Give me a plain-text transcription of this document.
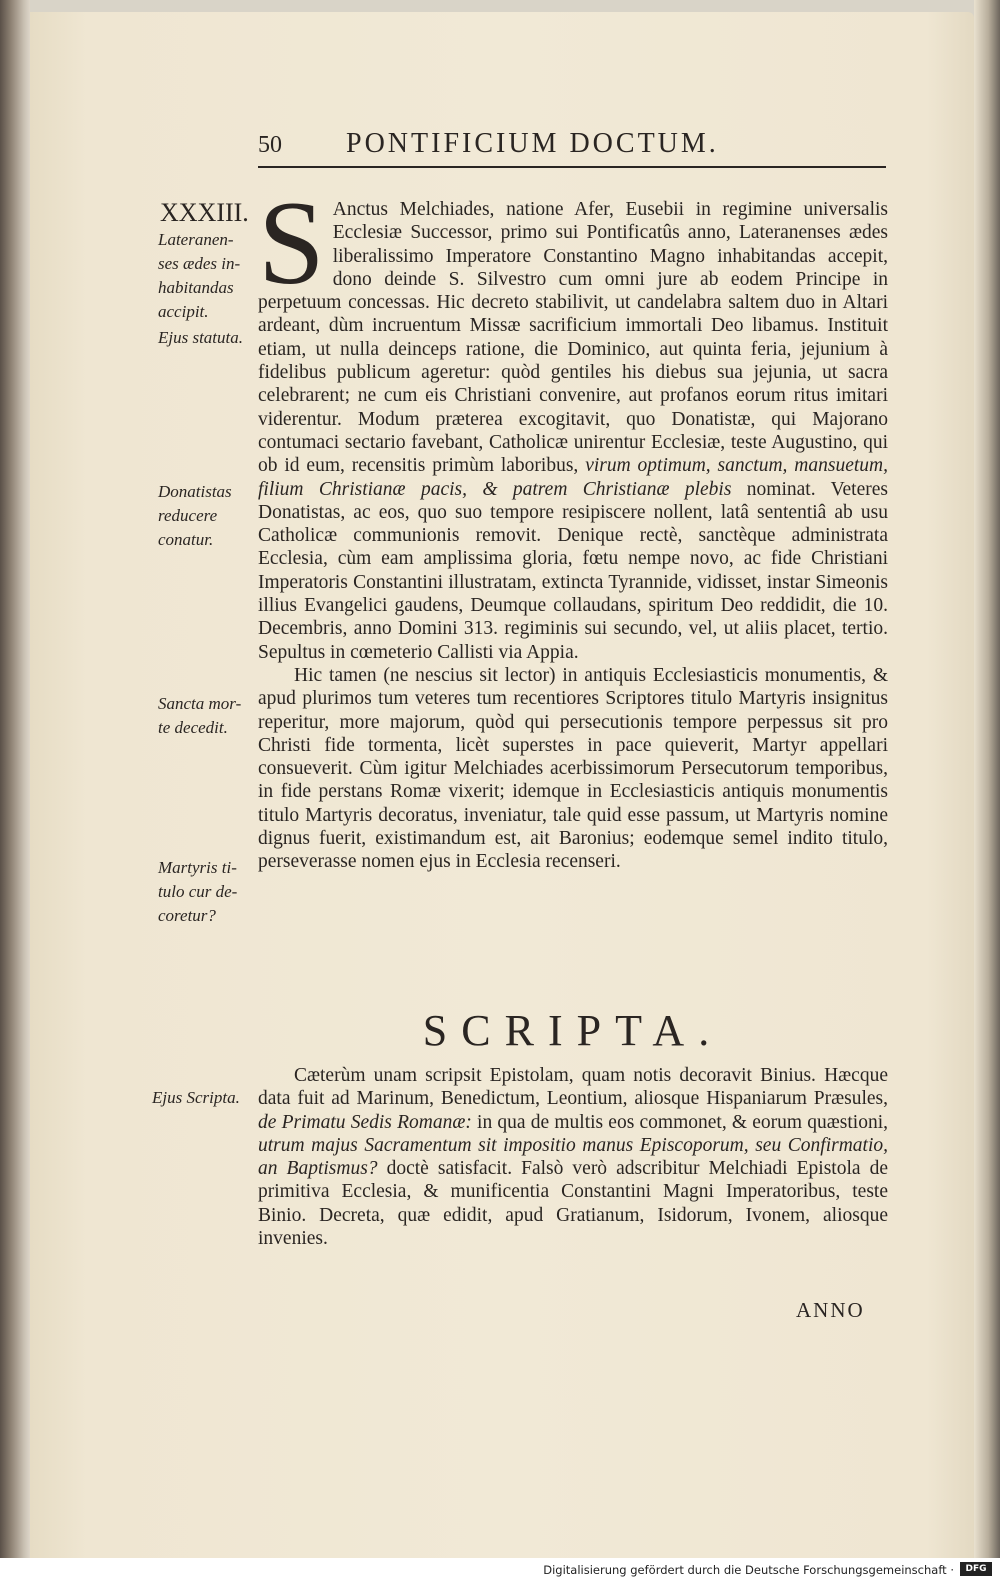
50 PONTIFICIUM DOCTUM.
XXXIII.
Lateranen-
ses ædes in-
habitandas
accipit.
Ejus statuta.
Donatistas
reducere
conatur.
Sancta mor-
te decedit.
Martyris ti-
tulo cur de-
coretur?
Ejus Scripta.

S Anctus Melchiades, natione Afer, Eusebii in regimine universalis Ecclesiæ Successor, primo sui Pontificatûs anno, Lateranenses ædes liberalissimo Imperatore Constantino Magno inhabitandas accepit, dono deinde S. Silvestro cum omni jure ab eodem Principe in perpetuum concessas. Hic decreto stabilivit, ut candelabra saltem duo in Altari ardeant, dùm incruentum Missæ sacrificium immortali Deo libamus. Instituit etiam, ut nulla deinceps ratione, die Dominico, aut quinta feria, jejunium à fidelibus publicum ageretur: quòd gentiles his diebus sua jejunia, ut sacra celebrarent; ne cum eis Christiani convenire, aut profanos eorum ritus imitari viderentur. Modum præterea excogitavit, quo Donatistæ, qui Majorano contumaci sectario favebant, Catholicæ unirentur Ecclesiæ, teste Augustino, qui ob id eum, recensitis primùm laboribus, virum optimum, sanctum, mansuetum, filium Christianæ pacis, & patrem Christianæ plebis nominat. Veteres Donatistas, ac eos, quo suo tempore resipiscere nollent, latâ sententiâ ab usu Catholicæ communionis removit. Denique rectè, sanctèque administrata Ecclesia, cùm eam amplissima gloria, fœtu nempe novo, ac fide Christiani Imperatoris Constantini illustratam, extincta Tyrannide, vidisset, instar Simeonis illius Evangelici gaudens, Deumque collaudans, spiritum Deo reddidit, die 10. Decembris, anno Domini 313. regiminis sui secundo, vel, ut aliis placet, tertio. Sepultus in cœmeterio Callisti via Appia.

Hic tamen (ne nescius sit lector) in antiquis Ecclesiasticis monumentis, & apud plurimos tum veteres tum recentiores Scriptores titulo Martyris insignitus reperitur, more majorum, quòd qui persecutionis tempore perpessus sit pro Christi fide tormenta, licèt superstes in pace quieverit, Martyr appellari consueverit. Cùm igitur Melchiades acerbissimorum Persecutorum temporibus, in fide perstans Romæ vixerit; idemque in Ecclesiasticis antiquis monumentis titulo Martyris decoratus, inveniatur, tale quid esse passum, ut Martyris nomine dignus fuerit, existimandum est, ait Baronius; eodemque semel indito titulo, perseverasse nomen ejus in Ecclesia recenseri.

SCRIPTA.

Cæterùm unam scripsit Epistolam, quam notis decoravit Binius. Hæcque data fuit ad Marinum, Benedictum, Leontium, aliosque Hispaniarum Præsules, de Primatu Sedis Romanæ: in qua de multis eos commonet, & eorum quæstioni, utrum majus Sacramentum sit impositio manus Episcoporum, seu Confirmatio, an Baptismus? doctè satisfacit. Falsò verò adscribitur Melchiadi Epistola de primitiva Ecclesia, & munificentia Constantini Magni Imperatoribus, teste Binio. Decreta, quæ edidit, apud Gratianum, Isidorum, Ivonem, aliosque invenies.

ANNO
Digitalisierung gefördert durch die Deutsche Forschungsgemeinschaft ·	DFG
